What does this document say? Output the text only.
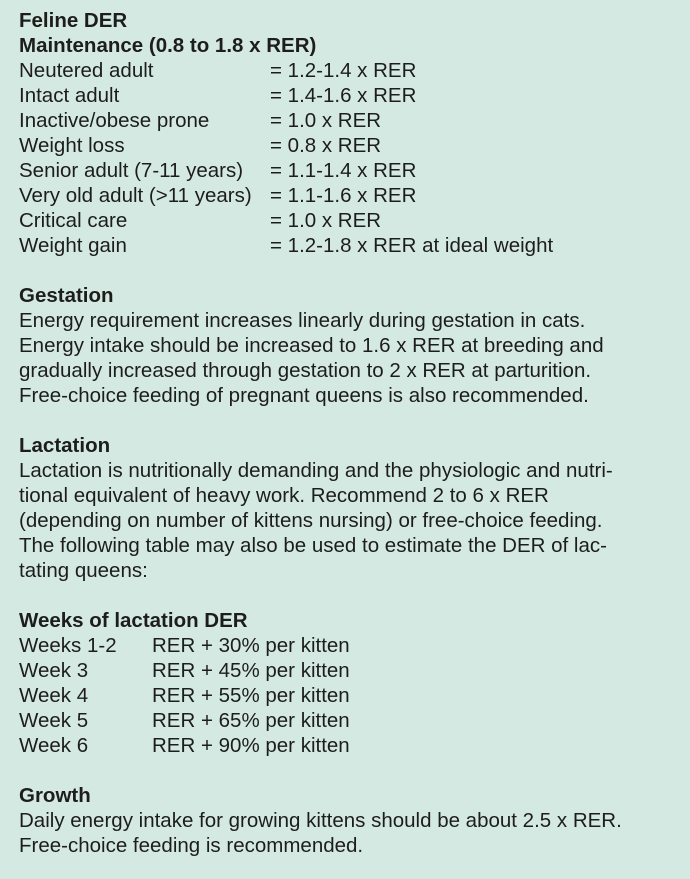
Feline DER
Maintenance (0.8 to 1.8 x RER)
Neutered adult	= 1.2-1.4 x RER
Intact adult	= 1.4-1.6 x RER
Inactive/obese prone	= 1.0 x RER
Weight loss	= 0.8 x RER
Senior adult (7-11 years)	= 1.1-1.4 x RER
Very old adult (>11 years) = 1.1-1.6 x RER
Critical care	= 1.0 x RER
Weight gain	= 1.2-1.8 x RER at ideal weight
Gestation
Energy requirement increases linearly during gestation in cats.
Energy intake should be increased to 1.6 x RER at breeding and
gradually increased through gestation to 2 x RER at parturition.
Free-choice feeding of pregnant queens is also recommended.
Lactation
Lactation is nutritionally demanding and the physiologic and nutri-
tional equivalent of heavy work. Recommend 2 to 6 x RER
(depending on number of kittens nursing) or free-choice feeding.
The following table may also be used to estimate the DER of lac-
tating queens:
Weeks of lactation DER
Weeks 1-2	RER + 30% per kitten
Week 3	RER + 45% per kitten
Week 4	RER + 55% per kitten
Week 5	RER + 65% per kitten
Week 6	RER + 90% per kitten
Growth
Daily energy intake for growing kittens should be about 2.5 x RER.
Free-choice feeding is recommended.
